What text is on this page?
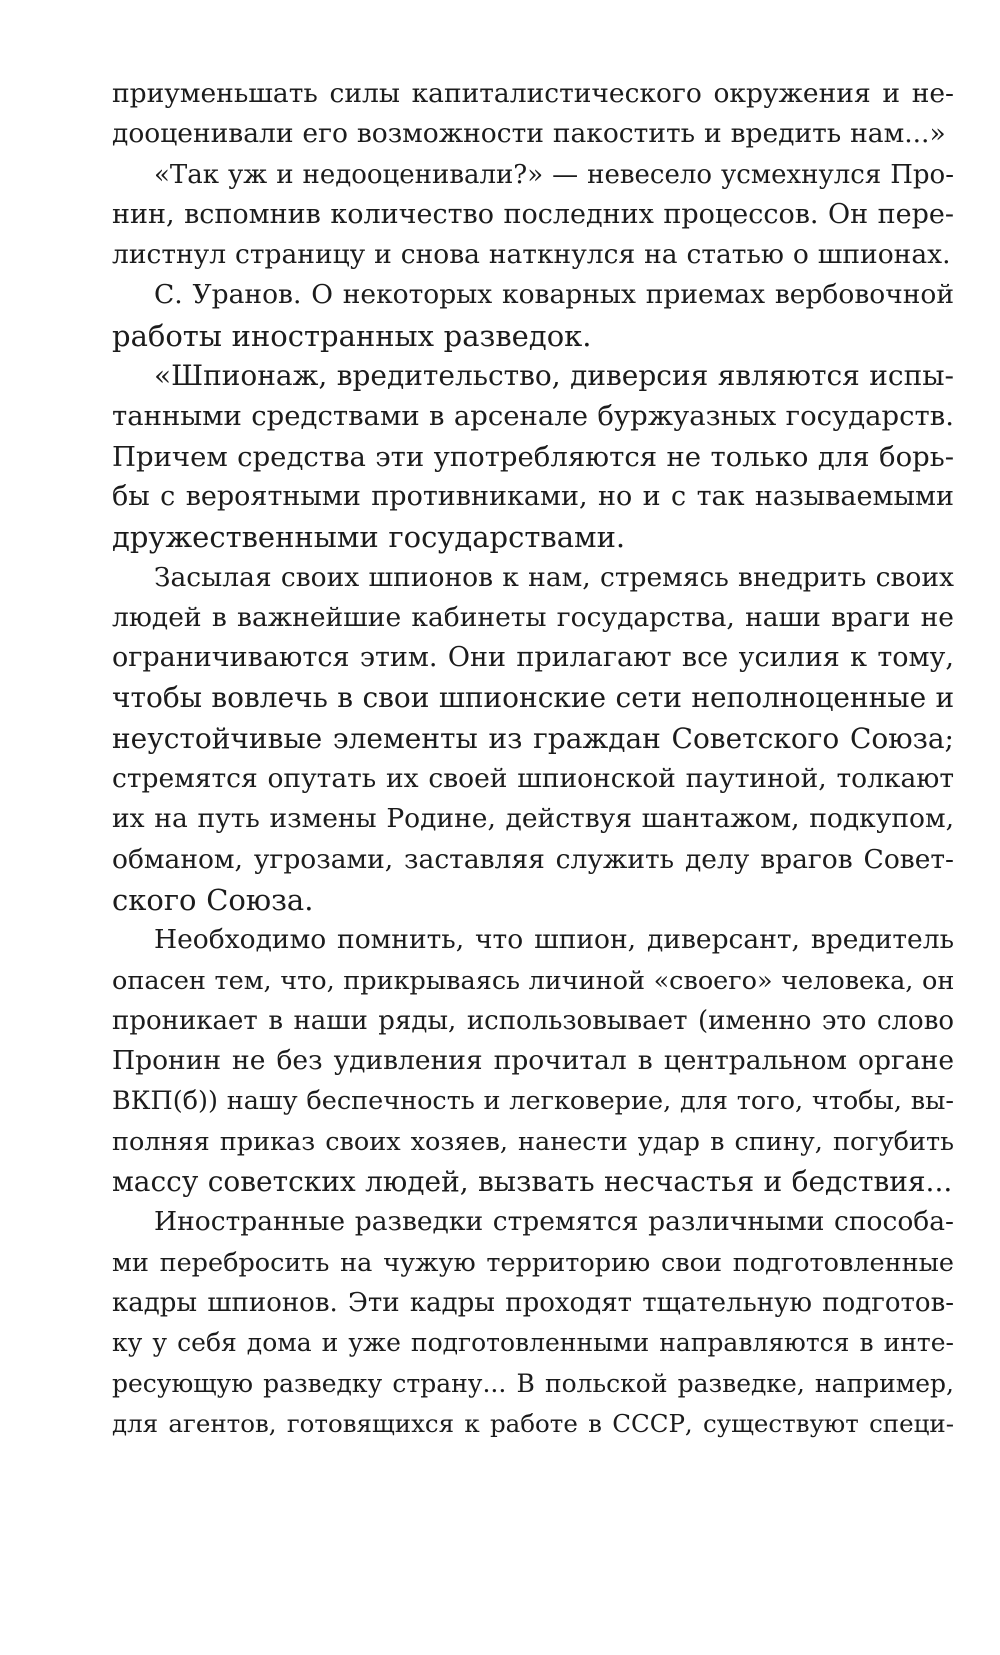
приуменьшать силы капиталистического окружения и не-
дооценивали его возможности пакостить и вредить нам...»
«Так уж и недооценивали?» — невесело усмехнулся Про-
нин, вспомнив количество последних процессов. Он пере-
листнул страницу и снова наткнулся на статью о шпионах.
С. Уранов. О некоторых коварных приемах вербовочной
работы иностранных разведок.
«Шпионаж, вредительство, диверсия являются испы-
танными средствами в арсенале буржуазных государств.
Причем средства эти употребляются не только для борь-
бы с вероятными противниками, но и с так называемыми
дружественными государствами.
Засылая своих шпионов к нам, стремясь внедрить своих
людей в важнейшие кабинеты государства, наши враги не
ограничиваются этим. Они прилагают все усилия к тому,
чтобы вовлечь в свои шпионские сети неполноценные и
неустойчивые элементы из граждан Советского Союза;
стремятся опутать их своей шпионской паутиной, толкают
их на путь измены Родине, действуя шантажом, подкупом,
обманом, угрозами, заставляя служить делу врагов Совет-
ского Союза.
Необходимо помнить, что шпион, диверсант, вредитель
опасен тем, что, прикрываясь личиной «своего» человека, он
проникает в наши ряды, использовывает (именно это слово
Пронин не без удивления прочитал в центральном органе
ВКП(б)) нашу беспечность и легковерие, для того, чтобы, вы-
полняя приказ своих хозяев, нанести удар в спину, погубить
массу советских людей, вызвать несчастья и бедствия...
Иностранные разведки стремятся различными способа-
ми перебросить на чужую территорию свои подготовленные
кадры шпионов. Эти кадры проходят тщательную подготов-
ку у себя дома и уже подготовленными направляются в инте-
ресующую разведку страну... В польской разведке, например,
для агентов, готовящихся к работе в СССР, существуют специ-
